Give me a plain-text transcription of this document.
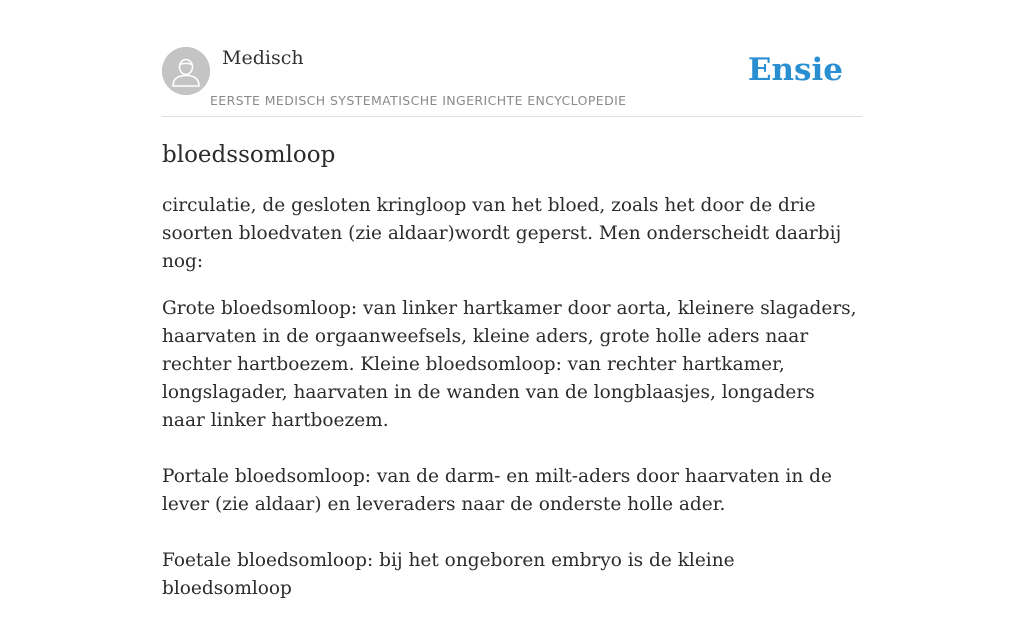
Medisch
EERSTE MEDISCH SYSTEMATISCHE INGERICHTE ENCYCLOPEDIE
Ensie
bloedssomloop

circulatie, de gesloten kringloop van het bloed, zoals het door de drie soorten bloedvaten (zie aldaar)wordt geperst. Men onderscheidt daarbij nog:

Grote bloedsomloop: van linker hartkamer door aorta, kleinere slagaders, haarvaten in de orgaanweefsels, kleine aders, grote holle aders naar rechter hartboezem. Kleine bloedsomloop: van rechter hartkamer, longslagader, haarvaten in de wanden van de longblaasjes, longaders naar linker hartboezem.

Portale bloedsomloop: van de darm- en milt-aders door haarvaten in de lever (zie aldaar) en leveraders naar de onderste holle ader.

Foetale bloedsomloop: bij het ongeboren embryo is de kleine bloedsomloop
